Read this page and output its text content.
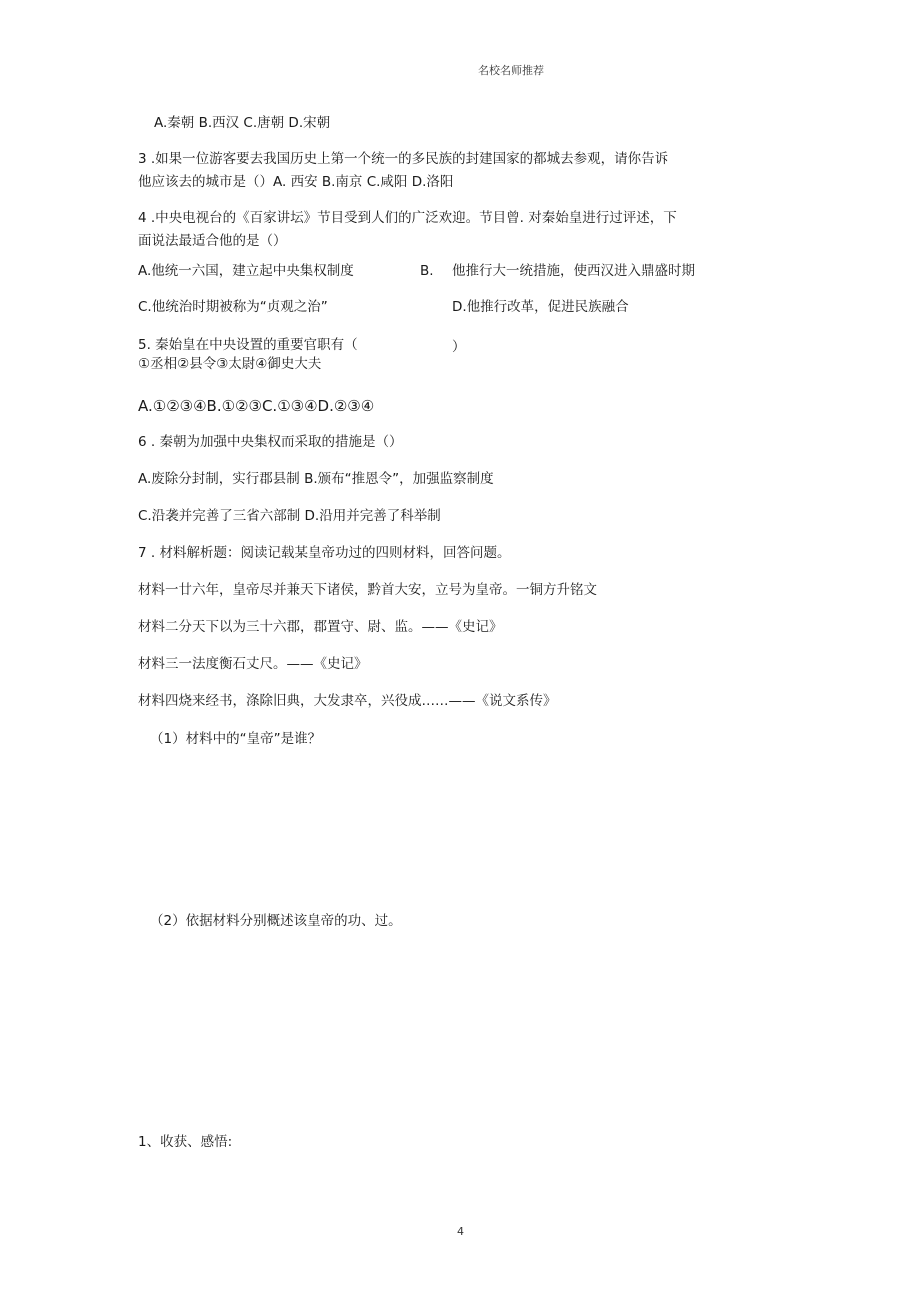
名校名师推荐
A.秦朝 B.西汉 C.唐朝 D.宋朝
3 .如果一位游客要去我国历史上第一个统一的多民族的封建国家的都城去参观，请你告诉
他应该去的城市是（）A. 西安 B.南京 C.咸阳 D.洛阳
4 .中央电视台的《百家讲坛》节目受到人们的广泛欢迎。节目曾. 对秦始皇进行过评述，下
面说法最适合他的是（）
A.他统一六国，建立起中央集权制度	B. 他推行大一统措施，使西汉进入鼎盛时期
C.他统治时期被称为“贞观之治”	D.他推行改革，促进民族融合
5. 秦始皇在中央设置的重要官职有（	）
①丞相②县令③太尉④御史大夫
A.①②③④B.①②③C.①③④D.②③④
6 . 秦朝为加强中央集权而采取的措施是（）
A.废除分封制，实行郡县制 B.颁布“推恩令”，加强监察制度
C.沿袭并完善了三省六部制 D.沿用并完善了科举制
7 . 材料解析题：阅读记载某皇帝功过的四则材料，回答问题。
材料一廿六年，皇帝尽并兼天下诸侯，黔首大安，立号为皇帝。一铜方升铭文
材料二分天下以为三十六郡，郡置守、尉、监。——《史记》
材料三一法度衡石丈尺。——《史记》
材料四烧来经书，涤除旧典，大发隶卒，兴役成……——《说文系传》
（1）材料中的“皇帝”是谁？
（2）依据材料分别概述该皇帝的功、过。
1、收获、感悟:
4
